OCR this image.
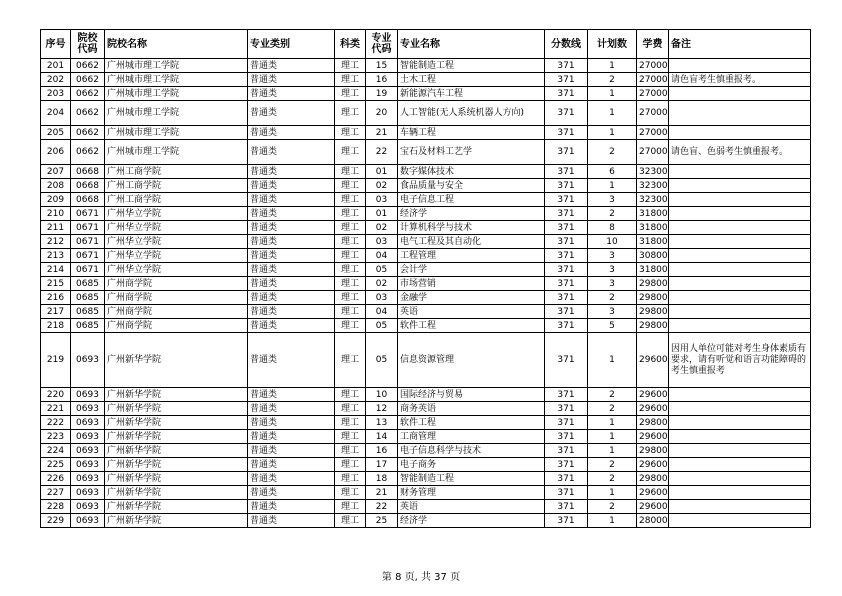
序号	院校代码	院校名称	专业类别	科类	专业代码	专业名称	分数线	计划数	学费	备注
201	0662	广州城市理工学院	普通类	理工	15	智能制造工程	371	1	27000	
202	0662	广州城市理工学院	普通类	理工	16	土木工程	371	2	27000	请色盲考生慎重报考。
203	0662	广州城市理工学院	普通类	理工	19	新能源汽车工程	371	1	27000	
204	0662	广州城市理工学院	普通类	理工	20	人工智能(无人系统机器人方向)	371	1	27000	
205	0662	广州城市理工学院	普通类	理工	21	车辆工程	371	1	27000	
206	0662	广州城市理工学院	普通类	理工	22	宝石及材料工艺学	371	2	27000	请色盲、色弱考生慎重报考。
207	0668	广州工商学院	普通类	理工	01	数字媒体技术	371	6	32300	
208	0668	广州工商学院	普通类	理工	02	食品质量与安全	371	1	32300	
209	0668	广州工商学院	普通类	理工	03	电子信息工程	371	3	32300	
210	0671	广州华立学院	普通类	理工	01	经济学	371	2	31800	
211	0671	广州华立学院	普通类	理工	02	计算机科学与技术	371	8	31800	
212	0671	广州华立学院	普通类	理工	03	电气工程及其自动化	371	10	31800	
213	0671	广州华立学院	普通类	理工	04	工程管理	371	3	30800	
214	0671	广州华立学院	普通类	理工	05	会计学	371	3	31800	
215	0685	广州商学院	普通类	理工	02	市场营销	371	3	29800	
216	0685	广州商学院	普通类	理工	03	金融学	371	2	29800	
217	0685	广州商学院	普通类	理工	04	英语	371	3	29800	
218	0685	广州商学院	普通类	理工	05	软件工程	371	5	29800	
219	0693	广州新华学院	普通类	理工	05	信息资源管理	371	1	29600	因用人单位可能对考生身体素质有要求，请有听觉和语言功能障碍的考生慎重报考
220	0693	广州新华学院	普通类	理工	10	国际经济与贸易	371	2	29600	
221	0693	广州新华学院	普通类	理工	12	商务英语	371	2	29600	
222	0693	广州新华学院	普通类	理工	13	软件工程	371	1	29800	
223	0693	广州新华学院	普通类	理工	14	工商管理	371	1	29600	
224	0693	广州新华学院	普通类	理工	16	电子信息科学与技术	371	1	29800	
225	0693	广州新华学院	普通类	理工	17	电子商务	371	2	29600	
226	0693	广州新华学院	普通类	理工	18	智能制造工程	371	2	29800	
227	0693	广州新华学院	普通类	理工	21	财务管理	371	1	29600	
228	0693	广州新华学院	普通类	理工	22	英语	371	2	29600	
229	0693	广州新华学院	普通类	理工	25	经济学	371	1	28000	
第 8 页, 共 37 页
